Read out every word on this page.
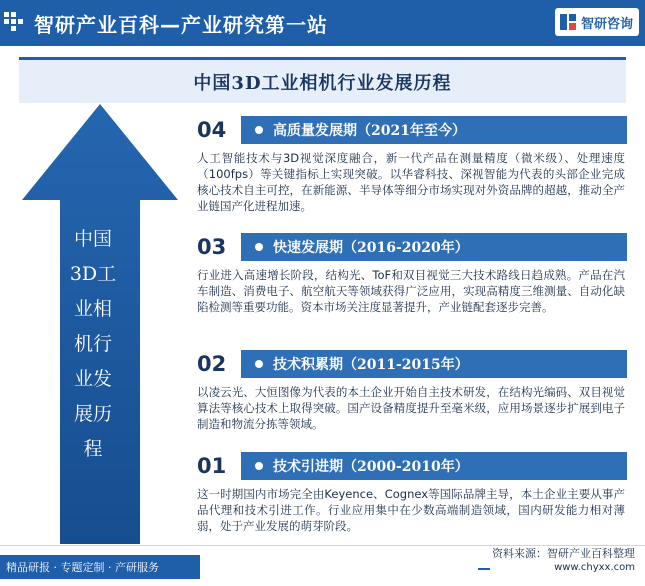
智研产业百科—产业研究第一站	智研咨询
中国3D工业相机行业发展历程
中国
3D工
业相
机行
业发
展历
程
04	高质量发展期（2021年至今）
人工智能技术与3D视觉深度融合，新一代产品在测量精度（微米级）、处理速度（100fps）等关键指标上实现突破。以华睿科技、深视智能为代表的头部企业完成核心技术自主可控，在新能源、半导体等细分市场实现对外资品牌的超越，推动全产业链国产化进程加速。
03	快速发展期（2016-2020年）
行业进入高速增长阶段，结构光、ToF和双目视觉三大技术路线日趋成熟。产品在汽车制造、消费电子、航空航天等领域获得广泛应用，实现高精度三维测量、自动化缺陷检测等重要功能。资本市场关注度显著提升，产业链配套逐步完善。
02	技术积累期（2011-2015年）
以凌云光、大恒图像为代表的本土企业开始自主技术研发，在结构光编码、双目视觉算法等核心技术上取得突破。国产设备精度提升至毫米级，应用场景逐步扩展到电子制造和物流分拣等领域。
01	技术引进期（2000-2010年）
这一时期国内市场完全由Keyence、Cognex等国际品牌主导，本土企业主要从事产品代理和技术引进工作。行业应用集中在少数高端制造领域，国内研发能力相对薄弱，处于产业发展的萌芽阶段。
精品研报 · 专题定制 · 产研服务
资料来源：智研产业百科整理
www.chyxx.com
